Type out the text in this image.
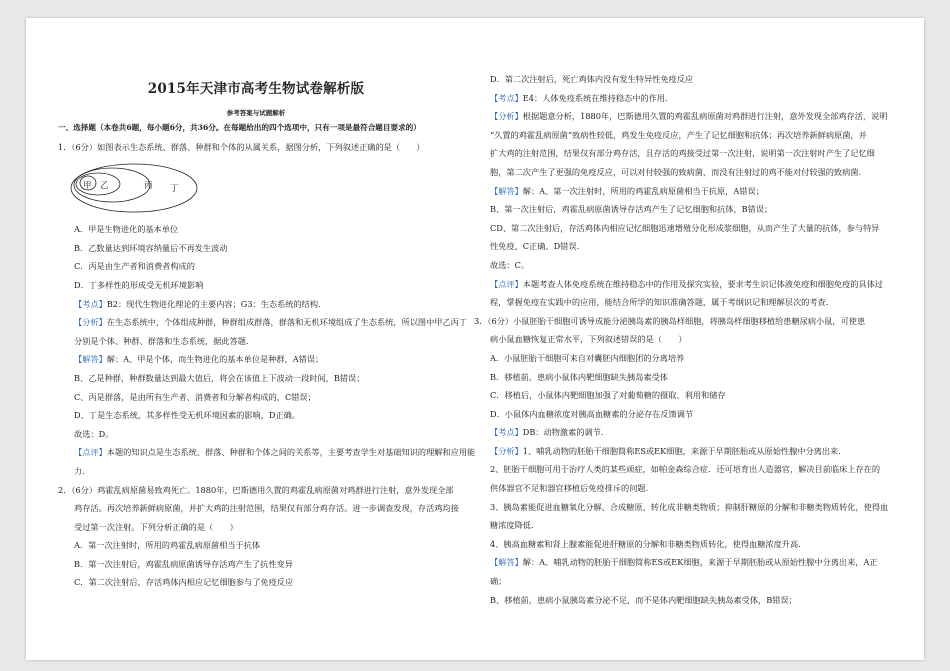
2015年天津市高考生物试卷解析版
参考答案与试题解析

一、选择题（本卷共6题，每小题6分，共36分。在每题给出的四个选项中，只有一项是最符合题目要求的）

1．（6分）如图表示生态系统、群落、种群和个体的从属关系，据图分析，下列叙述正确的是（　　）

甲 乙	丙 丁

A．甲是生物进化的基本单位

B．乙数量达到环境容纳量后不再发生波动

C．丙是由生产者和消费者构成的

D．丁多样性的形成受无机环境影响

【考点】B2：现代生物进化理论的主要内容；G3：生态系统的结构.

【分析】在生态系统中，个体组成种群，种群组成群落，群落和无机环境组成了生态系统，所以图中甲乙丙丁

分别是个体、种群、群落和生态系统，据此答题.

【解答】解：A、甲是个体，而生物进化的基本单位是种群，A错误；

B、乙是种群，种群数量达到最大值后，将会在该值上下波动一段时间，B错误；

C、丙是群落，是由所有生产者、消费者和分解者构成的，C错误；

D、丁是生态系统，其多样性受无机环境因素的影响，D正确。

故选：D。

【点评】本题的知识点是生态系统、群落、种群和个体之间的关系等，主要考查学生对基础知识的理解和应用能

力.

2．（6分）鸡霍乱病原菌易致鸡死亡。1880年，巴斯德用久置的鸡霍乱病原菌对鸡群进行注射，意外发现全部

鸡存活。再次培养新鲜病原菌，并扩大鸡的注射范围，结果仅有部分鸡存活。进一步调查发现，存活鸡均接

受过第一次注射。下列分析正确的是（　　）

A．第一次注射时，所用的鸡霍乱病原菌相当于抗体

B．第一次注射后，鸡霍乱病原菌诱导存活鸡产生了抗性变异

C．第二次注射后，存活鸡体内相应记忆细胞参与了免疫反应

D．第二次注射后，死亡鸡体内没有发生特异性免疫反应

【考点】E4：人体免疫系统在维持稳态中的作用.

【分析】根据题意分析，1880年，巴斯德用久置的鸡霍乱病原菌对鸡群进行注射，意外发现全部鸡存活，说明

“久置的鸡霍乱病原菌”致病性较低，鸡发生免疫反应，产生了记忆细胞和抗体；再次培养新鲜病原菌，并

扩大鸡的注射范围，结果仅有部分鸡存活，且存活的鸡接受过第一次注射，说明第一次注射时产生了记忆细

胞，第二次产生了更强的免疫反应，可以对付较强的致病菌，而没有注射过的鸡不能对付较强的致病菌.

【解答】解：A、第一次注射时，所用的鸡霍乱病原菌相当于抗原，A错误；

B、第一次注射后，鸡霍乱病原菌诱导存活鸡产生了记忆细胞和抗体，B错误；

CD、第二次注射后，存活鸡体内相应记忆细胞迅速增殖分化形成浆细胞，从而产生了大量的抗体，参与特异

性免疫，C正确、D错误.

故选：C。

【点评】本题考查人体免疫系统在维持稳态中的作用及探究实验，要求考生识记体液免疫和细胞免疫的具体过

程，掌握免疫在实践中的应用，能结合所学的知识准确答题，属于考纲识记和理解层次的考查.

3．（6分）小鼠胚胎干细胞可诱导成能分泌胰岛素的胰岛样细胞，将胰岛样细胞移植给患糖尿病小鼠，可使患

病小鼠血糖恢复正常水平，下列叙述错误的是（　　）

A．小鼠胚胎干细胞可来自对囊胚内细胞团的分离培养

B．移植前，患病小鼠体内靶细胞缺失胰岛素受体

C．移植后，小鼠体内靶细胞加强了对葡萄糖的摄取、利用和储存

D．小鼠体内血糖浓度对胰高血糖素的分泌存在反馈调节

【考点】DB：动物激素的调节.

【分析】1、哺乳动物的胚胎干细胞简称ES或EK细胞，来源于早期胚胎或从原始性腺中分离出来.

2、胚胎干细胞可用于治疗人类的某些顽症，如帕金森综合症．还可培育出人造器官，解决目前临床上存在的

供体器官不足和器官移植后免疫排斥的问题.

3、胰岛素能促进血糖氧化分解、合成糖原、转化成非糖类物质；抑制肝糖原的分解和非糖类物质转化，使得血

糖浓度降低.

4、胰高血糖素和肾上腺素能促进肝糖原的分解和非糖类物质转化，使得血糖浓度升高.

【解答】解：A、哺乳动物的胚胎干细胞简称ES或EK细胞，来源于早期胚胎或从原始性腺中分离出来，A正

确；

B、移植前，患病小鼠胰岛素分泌不足，而不是体内靶细胞缺失胰岛素受体，B错误；
